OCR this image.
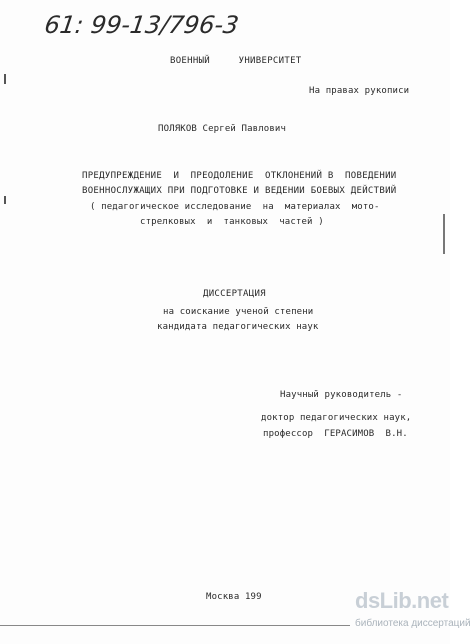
61: 99-13/796-3
ВОЕННЫЙ     УНИВЕРСИТЕТ
На правах рукописи
ПОЛЯКОВ Сергей Павлович
ПРЕДУПРЕЖДЕНИЕ  И  ПРЕОДОЛЕНИЕ  ОТКЛОНЕНИЙ В  ПОВЕДЕНИИ
ВОЕННОСЛУЖАЩИХ ПРИ ПОДГОТОВКЕ И ВЕДЕНИИ БОЕВЫХ ДЕЙСТВИЙ
( педагогическое исследование  на  материалах  мото-
стрелковых  и  танковых  частей )
ДИССЕРТАЦИЯ
на соискание ученой степени
кандидата педагогических наук
Научный руководитель -
доктор педагогических наук,
профессор  ГЕРАСИМОВ  В.Н.
Москва 199	dsLib.net
библиотека диссертаций
